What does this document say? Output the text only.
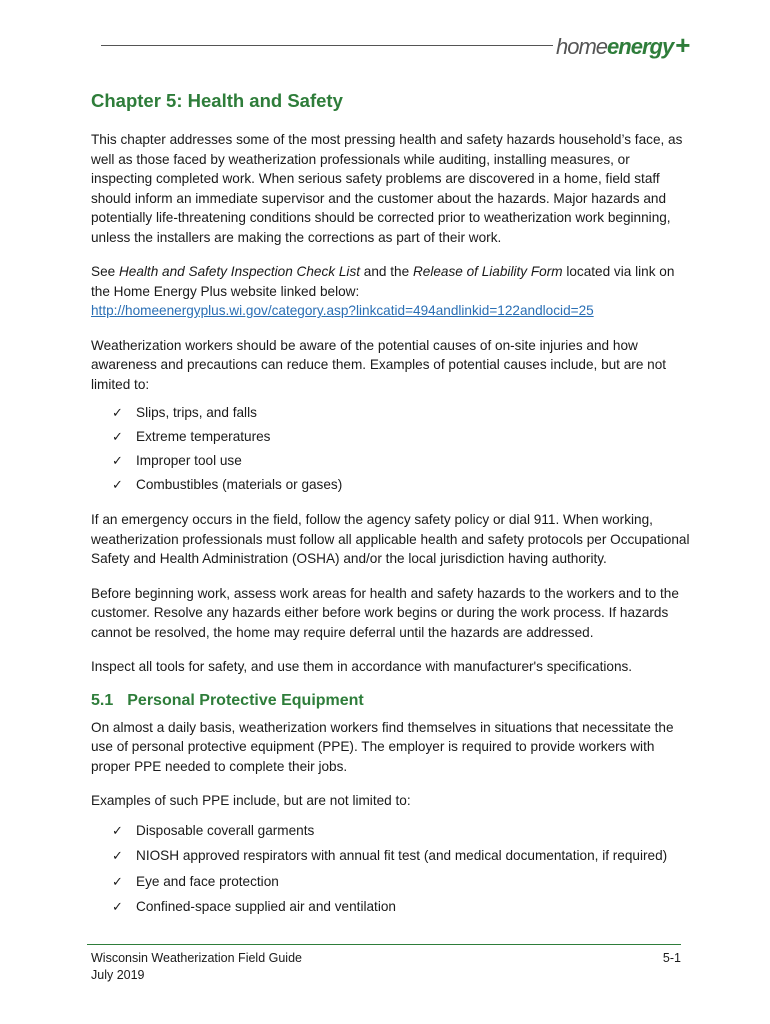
home energy +
Chapter 5: Health and Safety

This chapter addresses some of the most pressing health and safety hazards household’s face, as well as those faced by weatherization professionals while auditing, installing measures, or inspecting completed work. When serious safety problems are discovered in a home, field staff should inform an immediate supervisor and the customer about the hazards. Major hazards and potentially life-threatening conditions should be corrected prior to weatherization work beginning, unless the installers are making the corrections as part of their work.

See Health and Safety Inspection Check List and the Release of Liability Form located via link on the Home Energy Plus website linked below:
http://homeenergyplus.wi.gov/category.asp?linkcatid=494andlinkid=122andlocid=25

Weatherization workers should be aware of the potential causes of on-site injuries and how awareness and precautions can reduce them. Examples of potential causes include, but are not limited to:

✓ Slips, trips, and falls
✓ Extreme temperatures
✓ Improper tool use
✓ Combustibles (materials or gases)

If an emergency occurs in the field, follow the agency safety policy or dial 911. When working, weatherization professionals must follow all applicable health and safety protocols per Occupational Safety and Health Administration (OSHA) and/or the local jurisdiction having authority.

Before beginning work, assess work areas for health and safety hazards to the workers and to the customer. Resolve any hazards either before work begins or during the work process. If hazards cannot be resolved, the home may require deferral until the hazards are addressed.

Inspect all tools for safety, and use them in accordance with manufacturer's specifications.

5.1 Personal Protective Equipment

On almost a daily basis, weatherization workers find themselves in situations that necessitate the use of personal protective equipment (PPE). The employer is required to provide workers with proper PPE needed to complete their jobs.

Examples of such PPE include, but are not limited to:

✓ Disposable coverall garments
✓ NIOSH approved respirators with annual fit test (and medical documentation, if required)
✓ Eye and face protection
✓ Confined-space supplied air and ventilation
Wisconsin Weatherization Field Guide
July 2019
5-1
